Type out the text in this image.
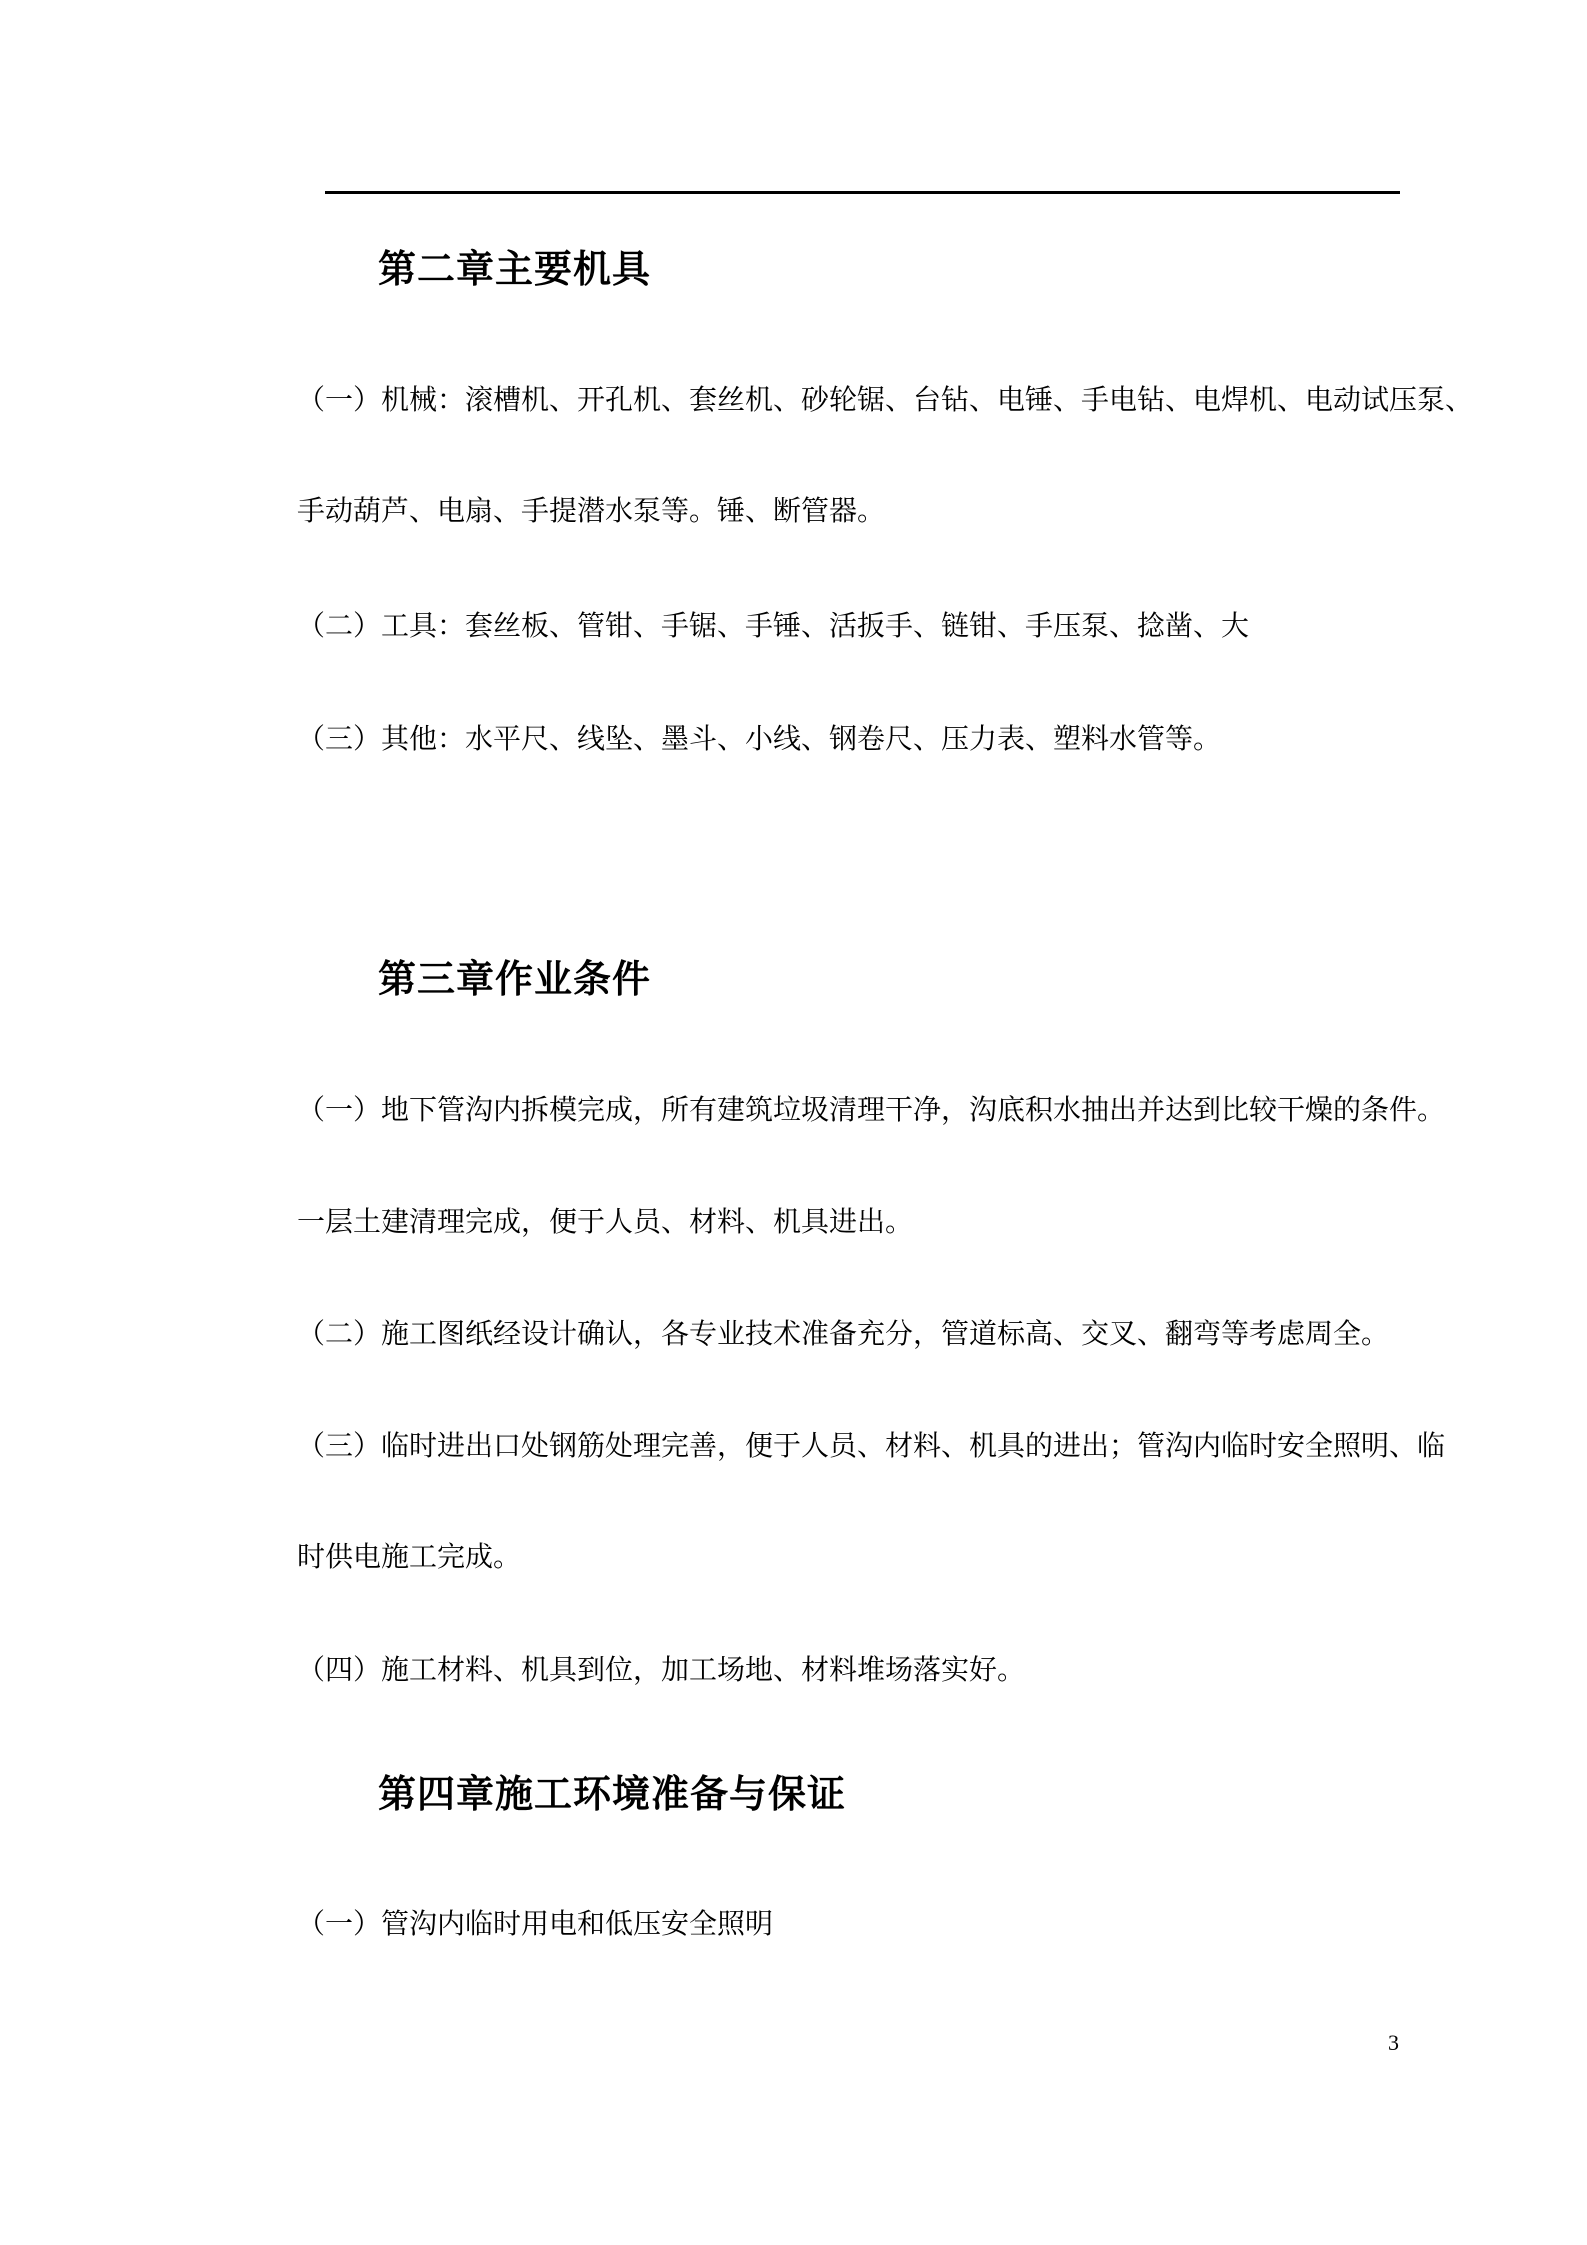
第二章主要机具
（一）机械：滚槽机、开孔机、套丝机、砂轮锯、台钻、电锤、手电钻、电焊机、电动试压泵、
手动葫芦、电扇、手提潜水泵等。锤、断管器。
（二）工具：套丝板、管钳、手锯、手锤、活扳手、链钳、手压泵、捻凿、大
（三）其他：水平尺、线坠、墨斗、小线、钢卷尺、压力表、塑料水管等。
第三章作业条件
（一）地下管沟内拆模完成，所有建筑垃圾清理干净，沟底积水抽出并达到比较干燥的条件。
一层土建清理完成，便于人员、材料、机具进出。
（二）施工图纸经设计确认，各专业技术准备充分，管道标高、交叉、翻弯等考虑周全。
（三）临时进出口处钢筋处理完善，便于人员、材料、机具的进出；管沟内临时安全照明、临
时供电施工完成。
（四）施工材料、机具到位，加工场地、材料堆场落实好。
第四章施工环境准备与保证
（一）管沟内临时用电和低压安全照明
3
